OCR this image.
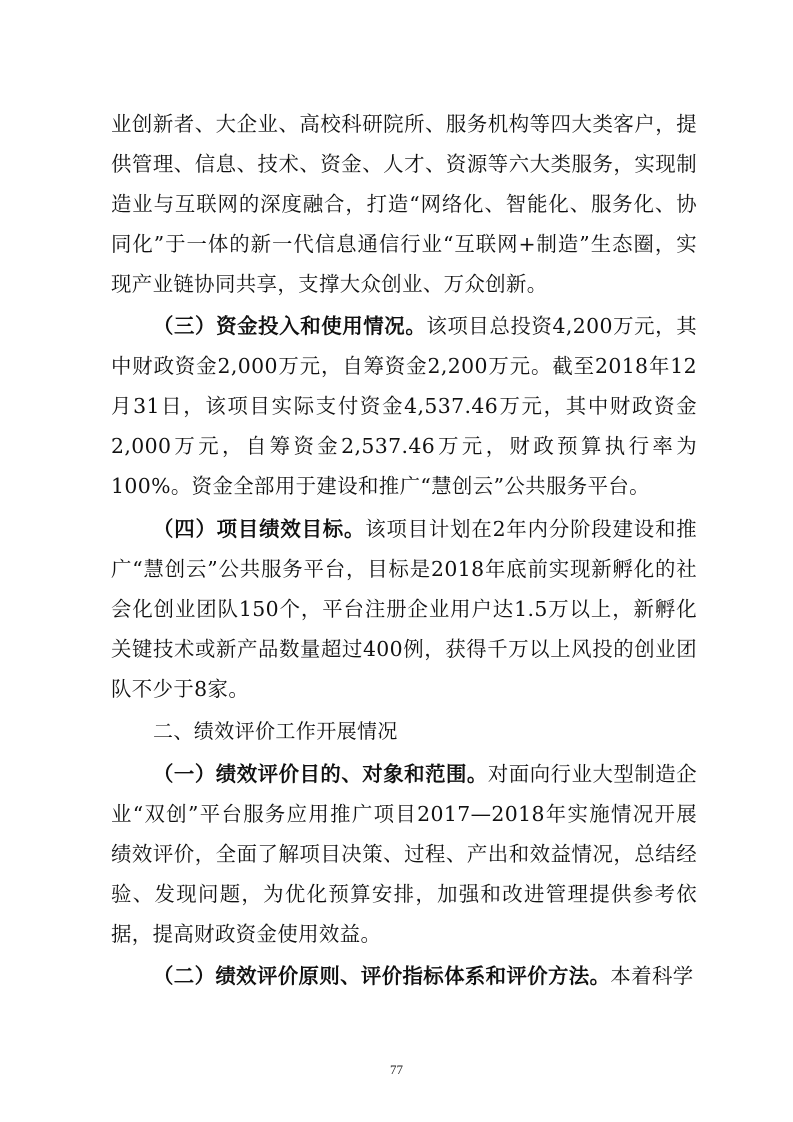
业创新者、大企业、高校科研院所、服务机构等四大类客户，提供管理、信息、技术、资金、人才、资源等六大类服务，实现制造业与互联网的深度融合，打造“网络化、智能化、服务化、协同化”于一体的新一代信息通信行业“互联网+制造”生态圈，实现产业链协同共享，支撑大众创业、万众创新。

（三）资金投入和使用情况。该项目总投资4,200万元，其中财政资金2,000万元，自筹资金2,200万元。截至2018年12月31日，该项目实际支付资金4,537.46万元，其中财政资金2,000万元，自筹资金2,537.46万元，财政预算执行率为100%。资金全部用于建设和推广“慧创云”公共服务平台。

（四）项目绩效目标。该项目计划在2年内分阶段建设和推广“慧创云”公共服务平台，目标是2018年底前实现新孵化的社会化创业团队150个，平台注册企业用户达1.5万以上，新孵化关键技术或新产品数量超过400例，获得千万以上风投的创业团队不少于8家。

二、绩效评价工作开展情况

（一）绩效评价目的、对象和范围。对面向行业大型制造企业“双创”平台服务应用推广项目2017—2018年实施情况开展绩效评价，全面了解项目决策、过程、产出和效益情况，总结经验、发现问题，为优化预算安排，加强和改进管理提供参考依据，提高财政资金使用效益。

（二）绩效评价原则、评价指标体系和评价方法。本着科学

77
